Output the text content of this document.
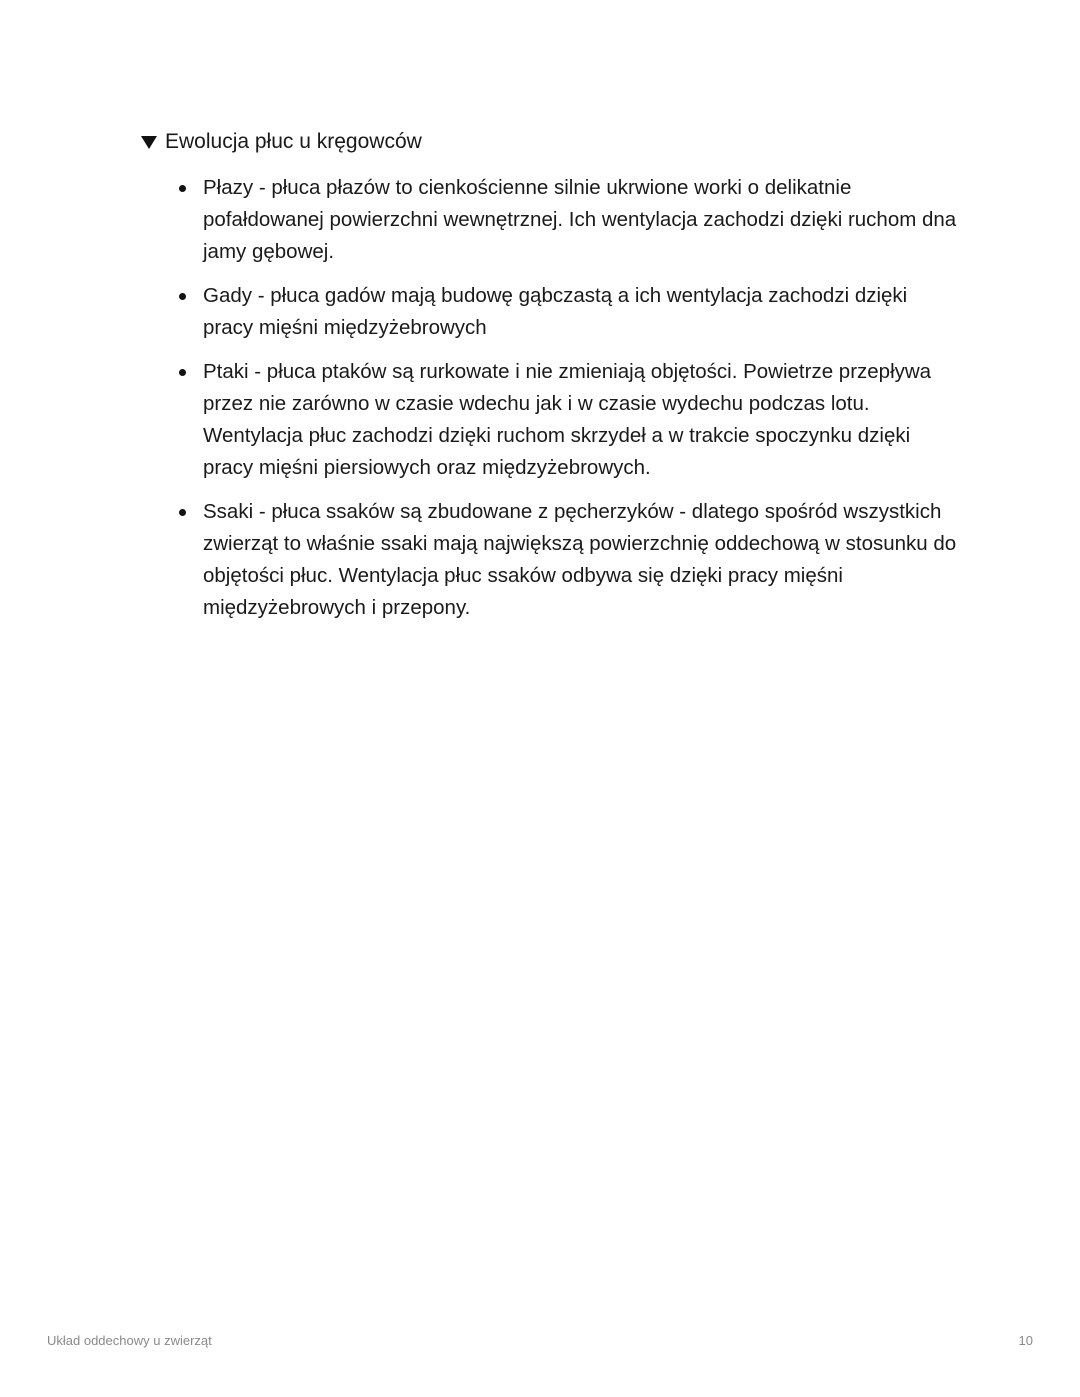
Ewolucja płuc u kręgowców
Płazy - płuca płazów to cienkościenne silnie ukrwione worki o delikatnie pofałdowanej powierzchni wewnętrznej. Ich wentylacja zachodzi dzięki ruchom dna jamy gębowej.
Gady - płuca gadów mają budowę gąbczastą a ich wentylacja zachodzi dzięki pracy mięśni międzyżebrowych
Ptaki - płuca ptaków są rurkowate i nie zmieniają objętości. Powietrze przepływa przez nie zarówno w czasie wdechu jak i w czasie wydechu podczas lotu. Wentylacja płuc zachodzi dzięki ruchom skrzydeł a w trakcie spoczynku dzięki pracy mięśni piersiowych oraz międzyżebrowych.
Ssaki - płuca ssaków są zbudowane z pęcherzyków - dlatego spośród wszystkich zwierząt to właśnie ssaki mają największą powierzchnię oddechową w stosunku do objętości płuc. Wentylacja płuc ssaków odbywa się dzięki pracy mięśni międzyżebrowych i przepony.
Układ oddechowy u zwierząt	10
